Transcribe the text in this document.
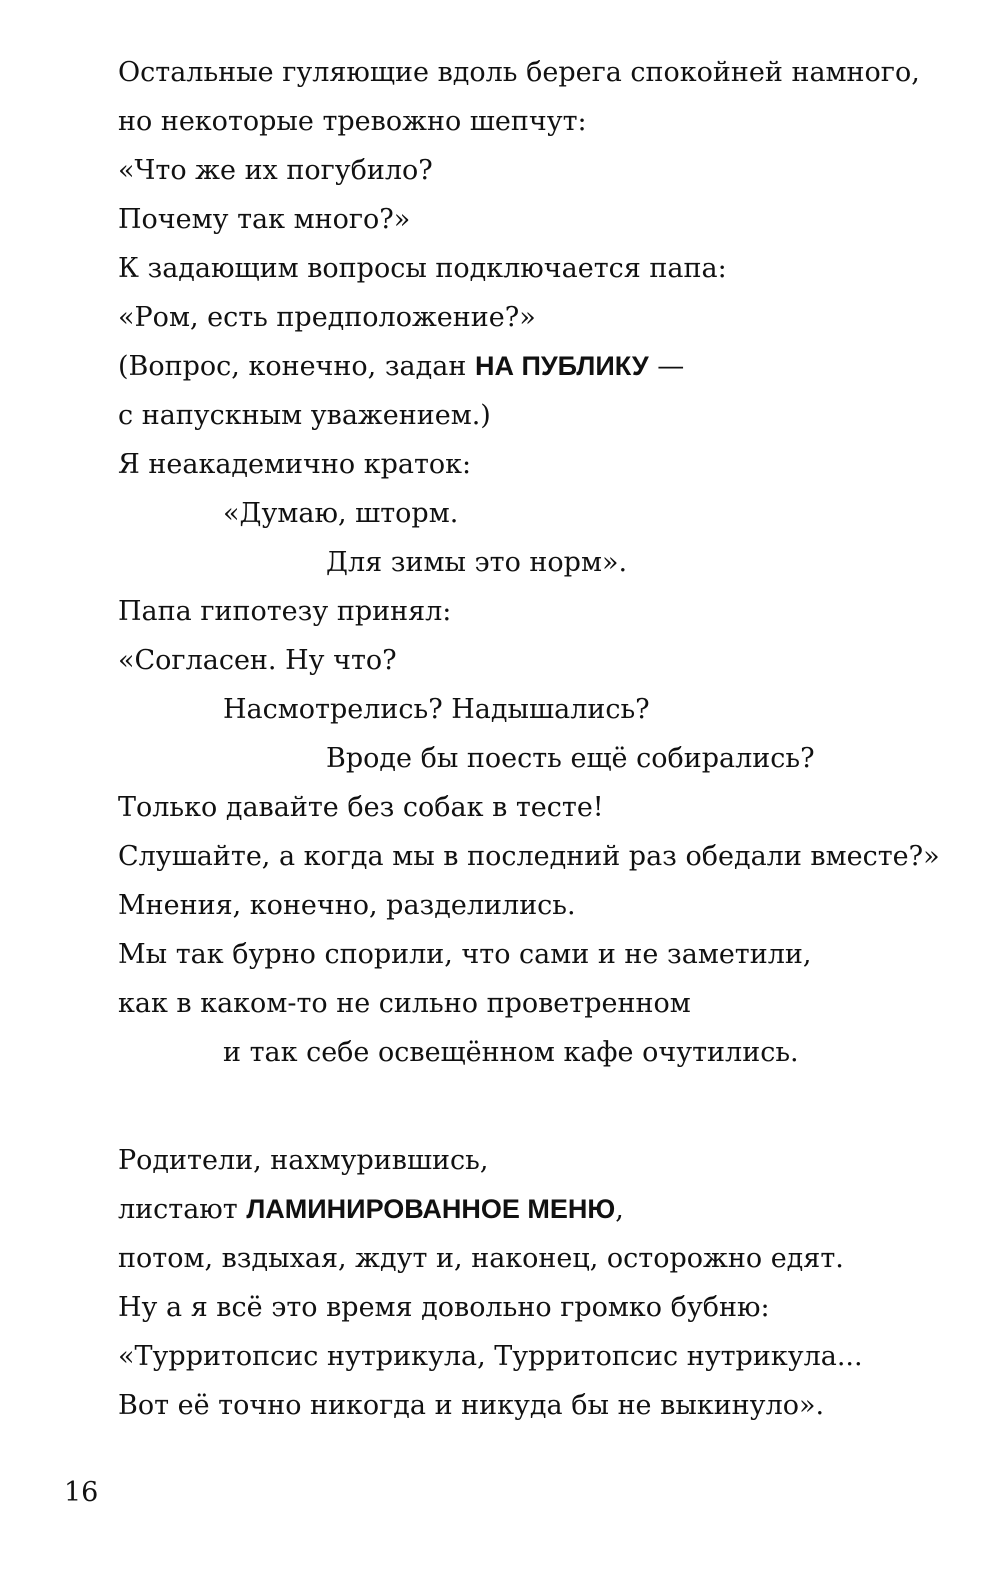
Остальные гуляющие вдоль берега спокойней намного,
но некоторые тревожно шепчут:
«Что же их погубило?
Почему так много?»
К задающим вопросы подключается папа:
«Ром, есть предположение?»
(Вопрос, конечно, задан НА ПУБЛИКУ —
с напускным уважением.)
Я неакадемично краток:
«Думаю, шторм.
Для зимы это норм».
Папа гипотезу принял:
«Согласен. Ну что?
Насмотрелись? Надышались?
Вроде бы поесть ещё собирались?
Только давайте без собак в тесте!
Слушайте, а когда мы в последний раз обедали вместе?»
Мнения, конечно, разделились.
Мы так бурно спорили, что сами и не заметили,
как в каком-то не сильно проветренном
и так себе освещённом кафе очутились.
Родители, нахмурившись,
листают ЛАМИНИРОВАННОЕ МЕНЮ,
потом, вздыхая, ждут и, наконец, осторожно едят.
Ну а я всё это время довольно громко бубню:
«Турритопсис нутрикула, Турритопсис нутрикула...
Вот её точно никогда и никуда бы не выкинуло».
16
